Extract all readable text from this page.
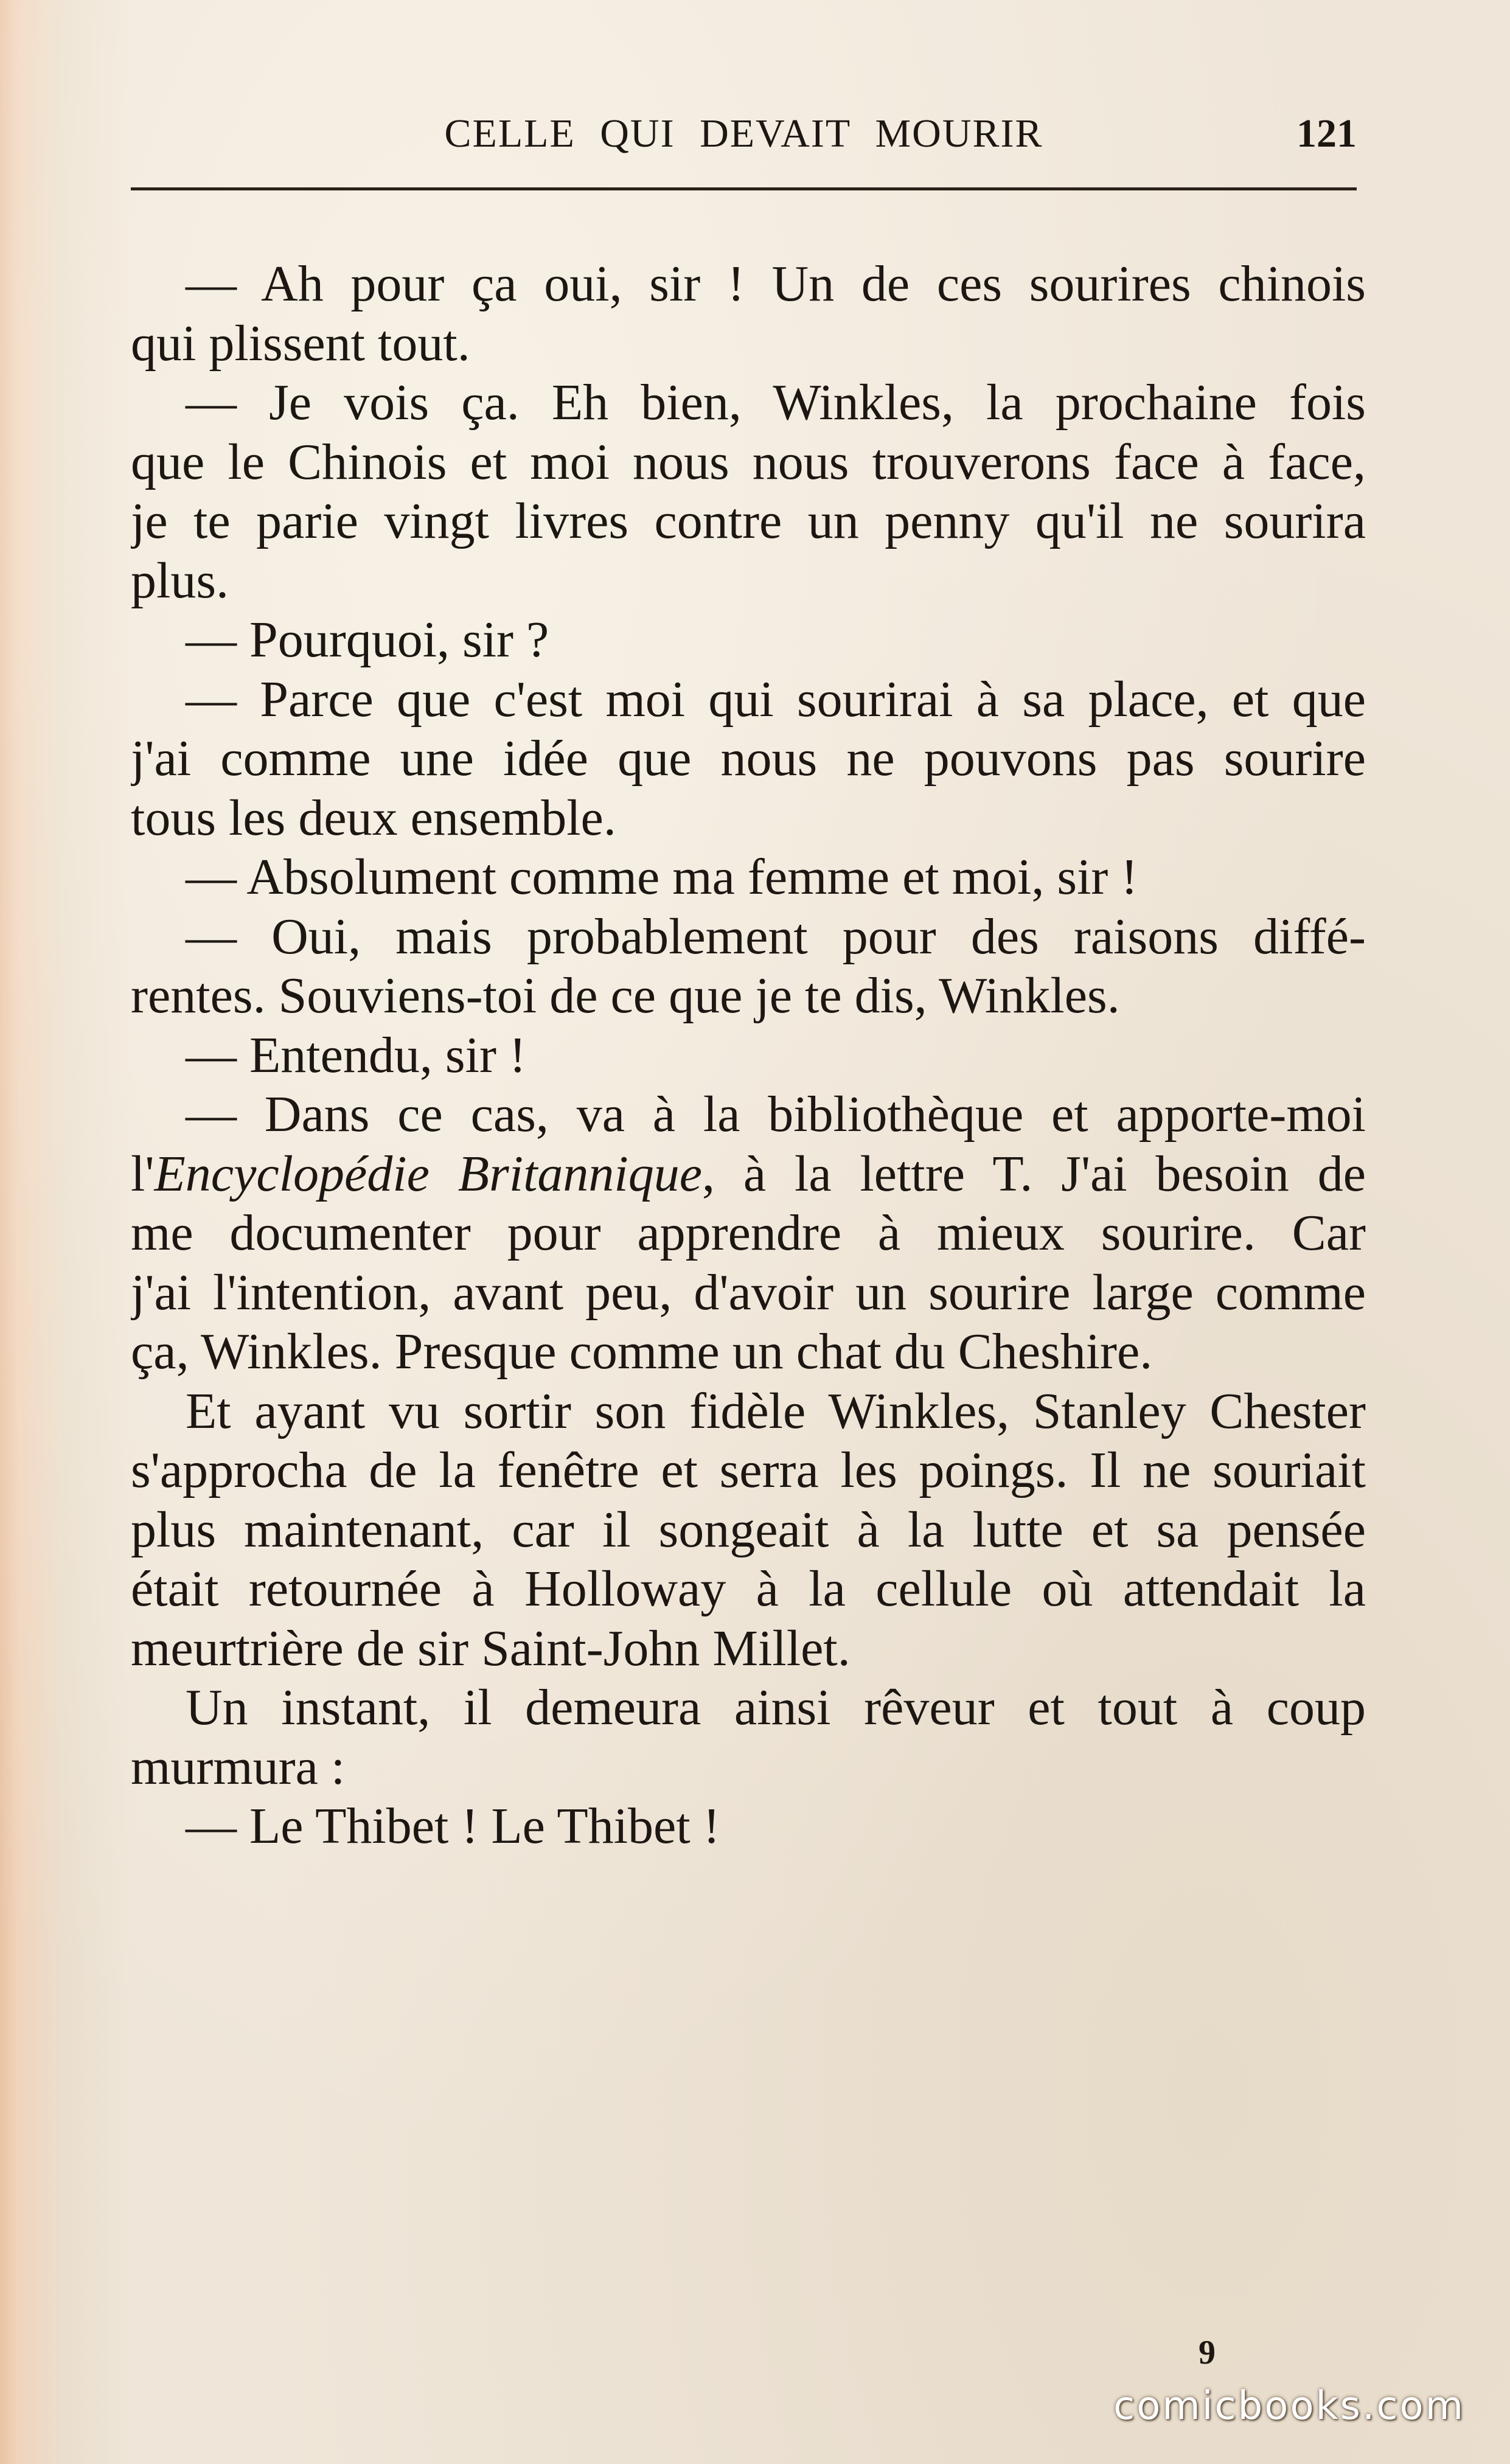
CELLE QUI DEVAIT MOURIR	121
— Ah pour ça oui, sir ! Un de ces sourires chinois
qui plissent tout.
— Je vois ça. Eh bien, Winkles, la prochaine fois
que le Chinois et moi nous nous trouverons face à face,
je te parie vingt livres contre un penny qu'il ne sourira
plus.
— Pourquoi, sir ?
— Parce que c'est moi qui sourirai à sa place, et que
j'ai comme une idée que nous ne pouvons pas sourire
tous les deux ensemble.
— Absolument comme ma femme et moi, sir !
— Oui, mais probablement pour des raisons diffé-
rentes. Souviens-toi de ce que je te dis, Winkles.
— Entendu, sir !
— Dans ce cas, va à la bibliothèque et apporte-moi
l'Encyclopédie Britannique, à la lettre T. J'ai besoin de
me documenter pour apprendre à mieux sourire. Car
j'ai l'intention, avant peu, d'avoir un sourire large comme
ça, Winkles. Presque comme un chat du Cheshire.
Et ayant vu sortir son fidèle Winkles, Stanley Chester
s'approcha de la fenêtre et serra les poings. Il ne souriait
plus maintenant, car il songeait à la lutte et sa pensée
était retournée à Holloway à la cellule où attendait la
meurtrière de sir Saint-John Millet.
Un instant, il demeura ainsi rêveur et tout à coup
murmura :
— Le Thibet ! Le Thibet !
9
comicbooks.com
